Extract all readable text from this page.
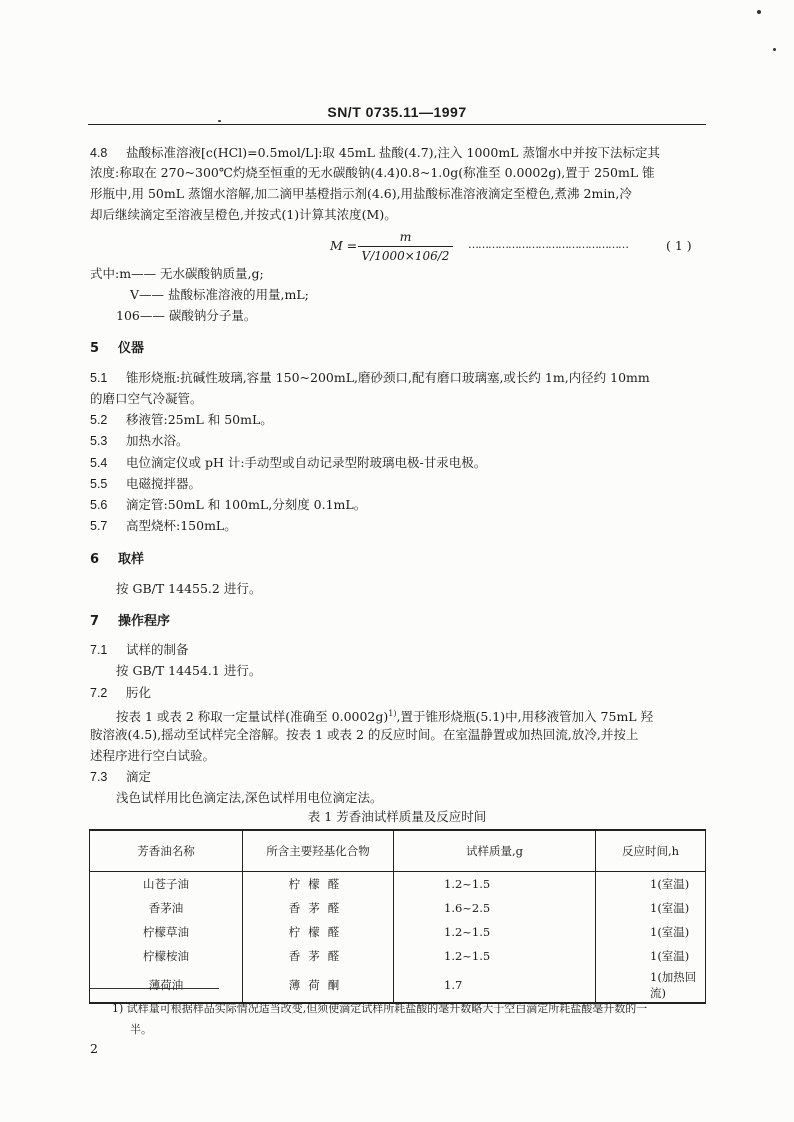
SN/T 0735.11—1997
4.8 盐酸标准溶液[c(HCl)=0.5mol/L]:取 45mL 盐酸(4.7),注入 1000mL 蒸馏水中并按下法标定其
浓度:称取在 270~300℃灼烧至恒重的无水碳酸钠(4.4)0.8~1.0g(称准至 0.0002g),置于 250mL 锥
形瓶中,用 50mL 蒸馏水溶解,加二滴甲基橙指示剂(4.6),用盐酸标准溶液滴定至橙色,煮沸 2min,冷
却后继续滴定至溶液呈橙色,并按式(1)计算其浓度(M)。
M =
m
V/1000×106/2
…………………………………………	( 1 )
式中:m—— 无水碳酸钠质量,g;
V—— 盐酸标准溶液的用量,mL;
106—— 碳酸钠分子量。
5 仪器
5.1 锥形烧瓶:抗碱性玻璃,容量 150~200mL,磨砂颈口,配有磨口玻璃塞,或长约 1m,内径约 10mm
的磨口空气冷凝管。
5.2 移液管:25mL 和 50mL。
5.3 加热水浴。
5.4 电位滴定仪或 pH 计:手动型或自动记录型附玻璃电极-甘汞电极。
5.5 电磁搅拌器。
5.6 滴定管:50mL 和 100mL,分刻度 0.1mL。
5.7 高型烧杯:150mL。
6 取样
按 GB/T 14455.2 进行。
7 操作程序
7.1 试样的制备
按 GB/T 14454.1 进行。
7.2 肟化
按表 1 或表 2 称取一定量试样(准确至 0.0002g)$^{1)}$,置于锥形烧瓶(5.1)中,用移液管加入 75mL 羟
胺溶液(4.5),摇动至试样完全溶解。按表 1 或表 2 的反应时间。在室温静置或加热回流,放冷,并按上
述程序进行空白试验。
7.3 滴定
浅色试样用比色滴定法,深色试样用电位滴定法。
表 1 芳香油试样质量及反应时间
芳香油名称	所含主要羟基化合物	试样质量,g	反应时间,h
山苍子油	柠檬醛	1.2~1.5	1(室温)
香茅油	香茅醛	1.6~2.5	1(室温)
柠檬草油	柠檬醛	1.2~1.5	1(室温)
柠檬桉油	香茅醛	1.2~1.5	1(室温)
薄荷油	薄荷酮	1.7	1(加热回流)
1) 试样量可根据样品实际情况适当改变,但须使滴定试样所耗盐酸的毫升数略大于空白滴定所耗盐酸毫升数的一
半。
2
